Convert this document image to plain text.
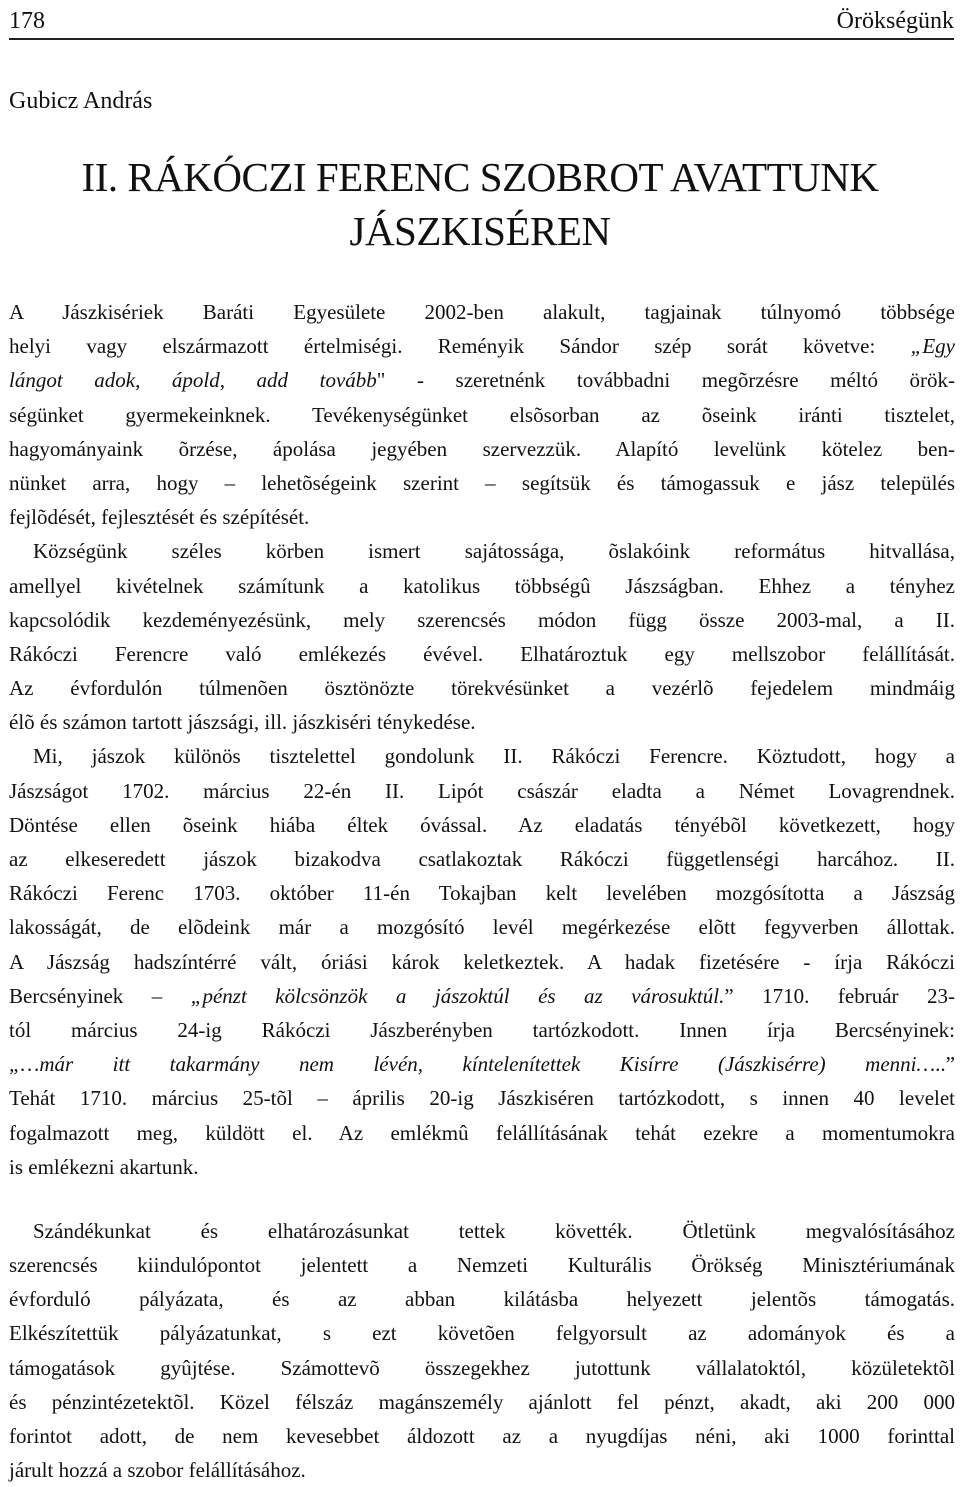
178	Örökségünk
Gubicz András
II. RÁKÓCZI FERENC SZOBROT AVATTUNK
JÁSZKISÉREN
A Jászkisériek Baráti Egyesülete 2002-ben alakult, tagjainak túlnyomó többsége
helyi vagy elszármazott értelmiségi. Reményik Sándor szép sorát követve: „Egy
lángot adok, ápold, add tovább" - szeretnénk továbbadni megõrzésre méltó örök-
ségünket gyermekeinknek. Tevékenységünket elsõsorban az õseink iránti tisztelet,
hagyományaink õrzése, ápolása jegyében szervezzük. Alapító levelünk kötelez ben-
nünket arra, hogy – lehetõségeink szerint – segítsük és támogassuk e jász település
fejlõdését, fejlesztését és szépítését.
Községünk széles körben ismert sajátossága, õslakóink református hitvallása,
amellyel kivételnek számítunk a katolikus többségû Jászságban. Ehhez a tényhez
kapcsolódik kezdeményezésünk, mely szerencsés módon függ össze 2003-mal, a II.
Rákóczi Ferencre való emlékezés évével. Elhatároztuk egy mellszobor felállítását.
Az évfordulón túlmenõen ösztönözte törekvésünket a vezérlõ fejedelem mindmáig
élõ és számon tartott jászsági, ill. jászkiséri ténykedése.
Mi, jászok különös tisztelettel gondolunk II. Rákóczi Ferencre. Köztudott, hogy a
Jászságot 1702. március 22-én II. Lipót császár eladta a Német Lovagrendnek.
Döntése ellen õseink hiába éltek óvással. Az eladatás tényébõl következett, hogy
az elkeseredett jászok bizakodva csatlakoztak Rákóczi függetlenségi harcához. II.
Rákóczi Ferenc 1703. október 11-én Tokajban kelt levelében mozgósította a Jászság
lakosságát, de elõdeink már a mozgósító levél megérkezése elõtt fegyverben állottak.
A Jászság hadszíntérré vált, óriási károk keletkeztek. A hadak fizetésére - írja Rákóczi
Bercsényinek – „pénzt kölcsönzök a jászoktúl és az városuktúl.” 1710. február 23-
tól március 24-ig Rákóczi Jászberényben tartózkodott. Innen írja Bercsényinek:
„…már itt takarmány nem lévén, kíntelenítettek Kisírre (Jászkisérre) menni…..”
Tehát 1710. március 25-tõl – április 20-ig Jászkiséren tartózkodott, s innen 40 levelet
fogalmazott meg, küldött el. Az emlékmû felállításának tehát ezekre a momentumokra
is emlékezni akartunk.
Szándékunkat és elhatározásunkat tettek követték. Ötletünk megvalósításához
szerencsés kiindulópontot jelentett a Nemzeti Kulturális Örökség Minisztériumának
évforduló pályázata, és az abban kilátásba helyezett jelentõs támogatás.
Elkészítettük pályázatunkat, s ezt követõen felgyorsult az adományok és a
támogatások gyûjtése. Számottevõ összegekhez jutottunk vállalatoktól, közületektõl
és pénzintézetektõl. Közel félszáz magánszemély ajánlott fel pénzt, akadt, aki 200 000
forintot adott, de nem kevesebbet áldozott az a nyugdíjas néni, aki 1000 forinttal
járult hozzá a szobor felállításához.
